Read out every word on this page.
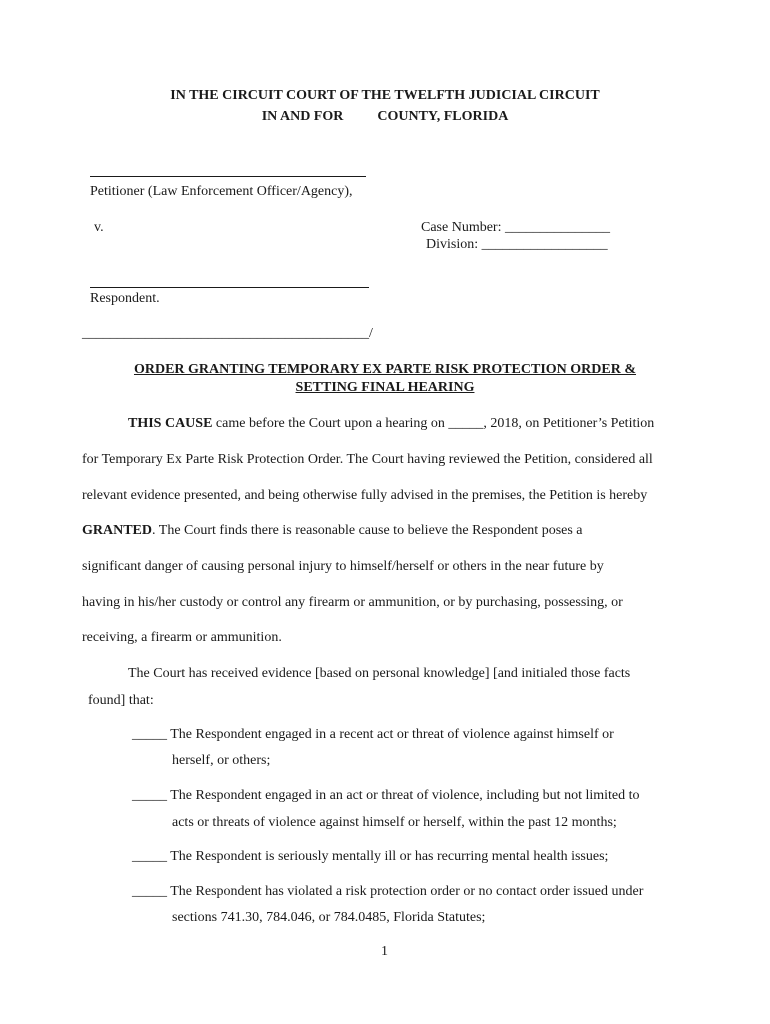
IN THE CIRCUIT COURT OF THE TWELFTH JUDICIAL CIRCUIT
IN AND FOR COUNTY, FLORIDA
Petitioner (Law Enforcement Officer/Agency),
v.	Case Number: _______________
Division: __________________
Respondent.
_________________________________________/
ORDER GRANTING TEMPORARY EX PARTE RISK PROTECTION ORDER &
SETTING FINAL HEARING
THIS CAUSE came before the Court upon a hearing on _____, 2018, on Petitioner’s Petition
for Temporary Ex Parte Risk Protection Order. The Court having reviewed the Petition, considered all
relevant evidence presented, and being otherwise fully advised in the premises, the Petition is hereby
GRANTED. The Court finds there is reasonable cause to believe the Respondent poses a
significant danger of causing personal injury to himself/herself or others in the near future by
having in his/her custody or control any firearm or ammunition, or by purchasing, possessing, or
receiving, a firearm or ammunition.
The Court has received evidence [based on personal knowledge] [and initialed those facts
found] that:
_____ The Respondent engaged in a recent act or threat of violence against himself or
herself, or others;
_____ The Respondent engaged in an act or threat of violence, including but not limited to
acts or threats of violence against himself or herself, within the past 12 months;
_____ The Respondent is seriously mentally ill or has recurring mental health issues;
_____ The Respondent has violated a risk protection order or no contact order issued under
sections 741.30, 784.046, or 784.0485, Florida Statutes;
1
